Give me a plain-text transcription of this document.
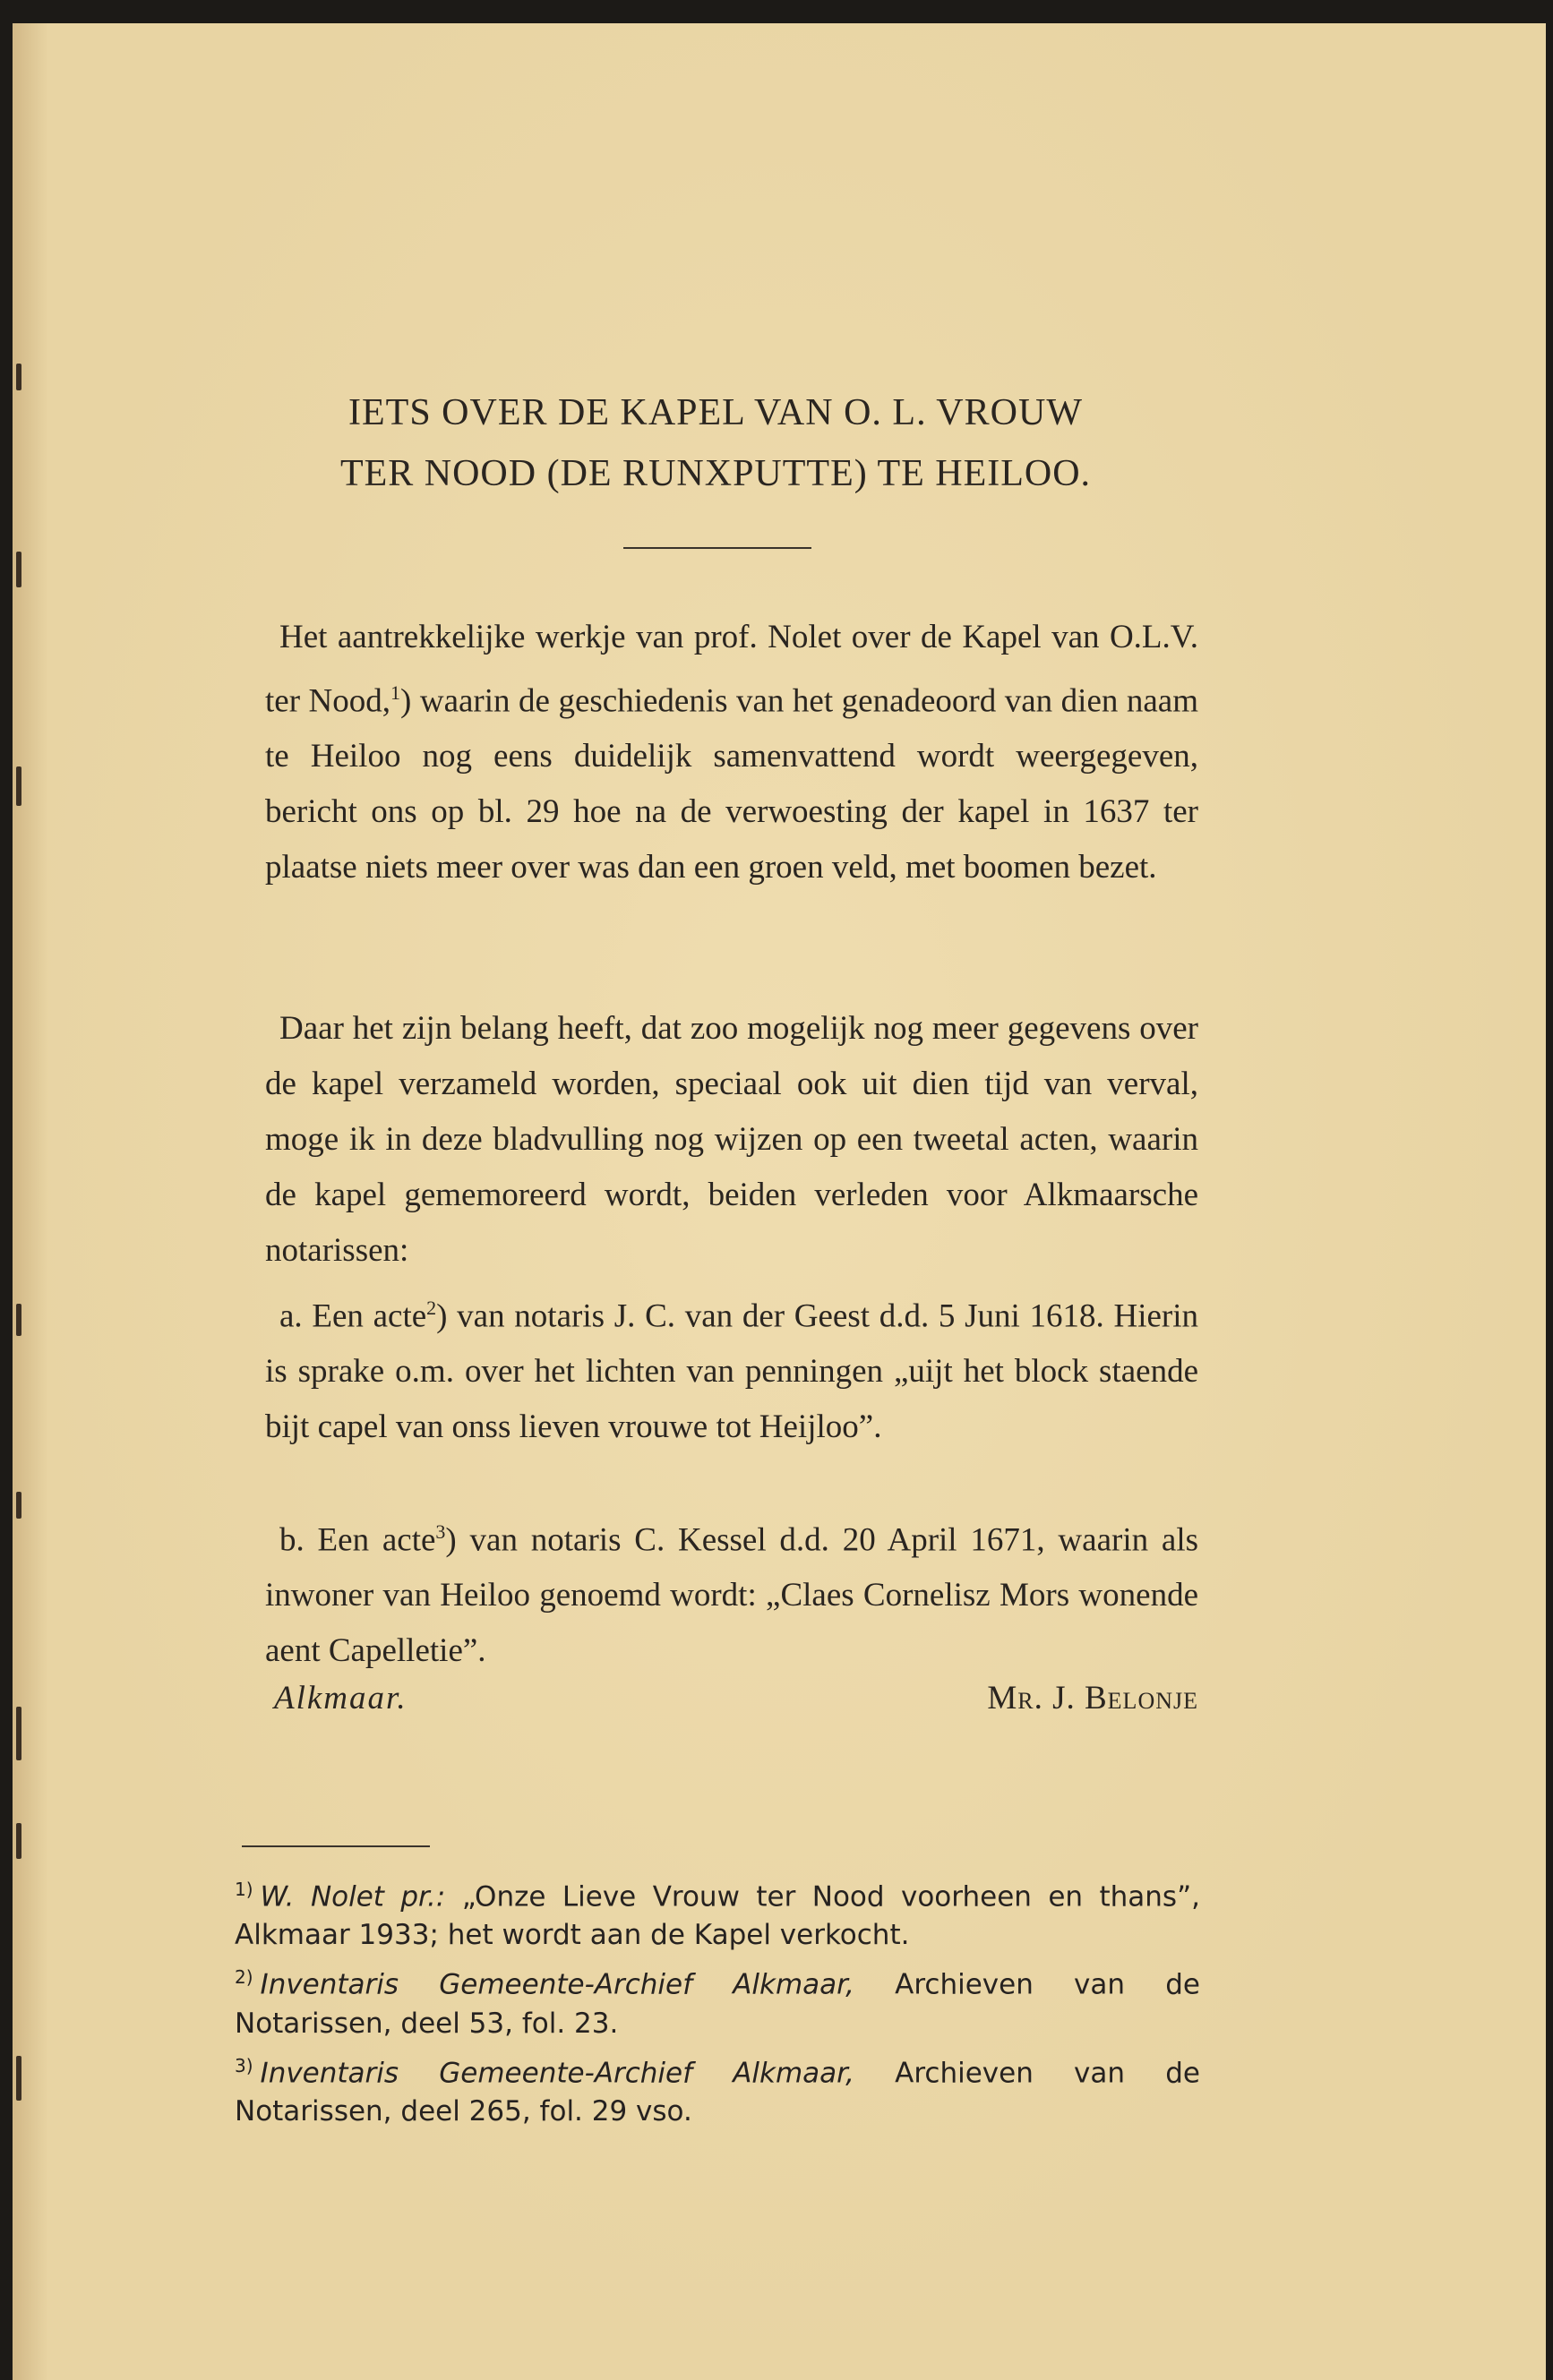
IETS OVER DE KAPEL VAN O. L. VROUW
TER NOOD (DE RUNXPUTTE) TE HEILOO.

Het aantrekkelijke werkje van prof. Nolet over de Kapel van O.L.V. ter Nood,$^1$) waarin de geschiedenis van het genadeoord van dien naam te Heiloo nog eens duidelijk samenvattend wordt weergegeven, bericht ons op bl. 29 hoe na de verwoesting der kapel in 1637 ter plaatse niets meer over was dan een groen veld, met boomen bezet.

Daar het zijn belang heeft, dat zoo mogelijk nog meer gegevens over de kapel verzameld worden, speciaal ook uit dien tijd van verval, moge ik in deze bladvulling nog wijzen op een tweetal acten, waarin de kapel gememoreerd wordt, beiden verleden voor Alkmaarsche notarissen:

a. Een acte$^2$) van notaris J. C. van der Geest d.d. 5 Juni 1618. Hierin is sprake o.m. over het lichten van penningen „uijt het block staende bijt capel van onss lieven vrouwe tot Heijloo”.

b. Een acte$^3$) van notaris C. Kessel d.d. 20 April 1671, waarin als inwoner van Heiloo genoemd wordt: „Claes Cornelisz Mors wonende aent Capelletie”.

Alkmaar.	Mr. J. Belonje

$^{1)}$ W. Nolet pr.: „Onze Lieve Vrouw ter Nood voorheen en thans”, Alkmaar 1933; het wordt aan de Kapel verkocht.

$^{2)}$ Inventaris Gemeente-Archief Alkmaar, Archieven van de Notarissen, deel 53, fol. 23.

$^{3)}$ Inventaris Gemeente-Archief Alkmaar, Archieven van de Notarissen, deel 265, fol. 29 vso.
